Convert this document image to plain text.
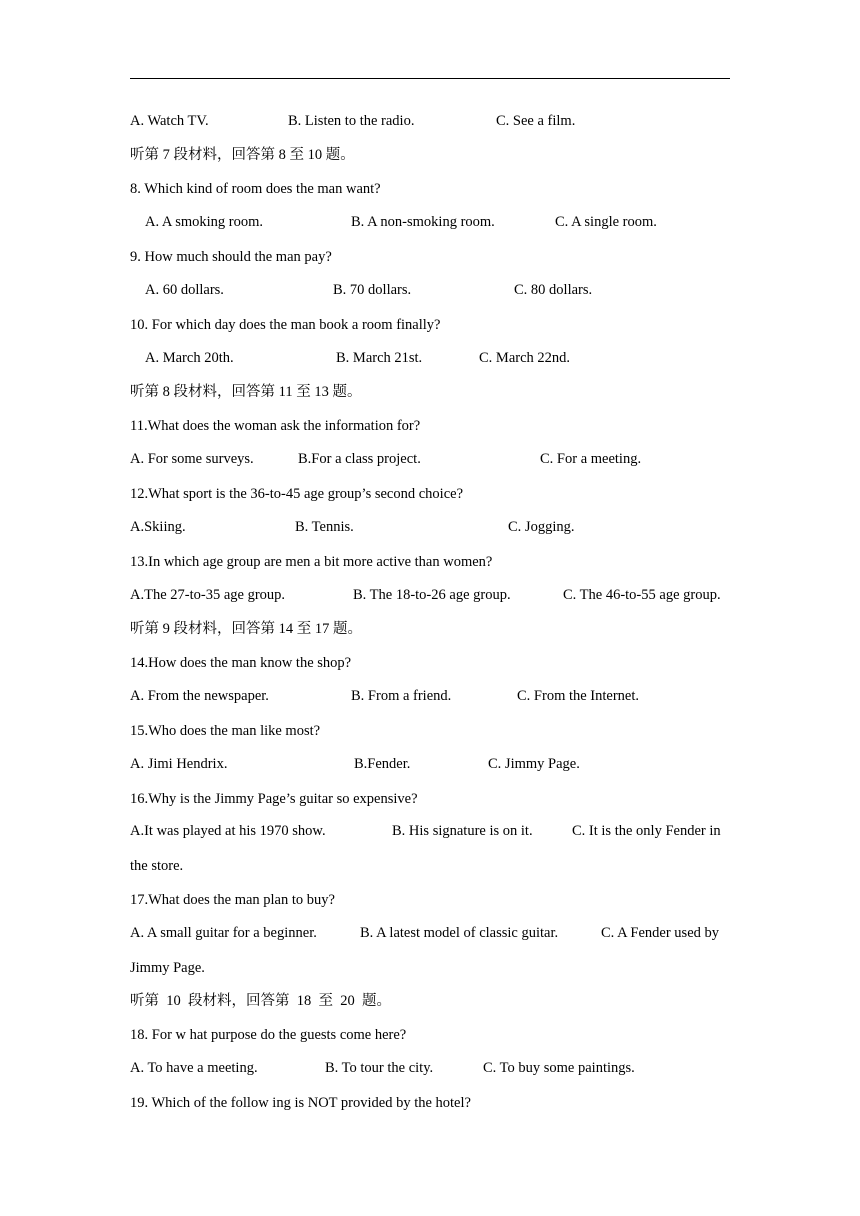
A. Watch TV.	B. Listen to the radio.	C. See a film.
听第 7 段材料，回答第 8 至 10 题。
8. Which kind of room does the man want?
A. A smoking room.	B. A non-smoking room.	C. A single room.
9. How much should the man pay?
A. 60 dollars.	B. 70 dollars.	C. 80 dollars.
10. For which day does the man book a room finally?
A. March 20th.	B. March 21st.	C. March 22nd.
听第 8 段材料，回答第 11 至 13 题。
11.What does the woman ask the information for?
A. For some surveys.	B.For a class project.	C. For a meeting.
12.What sport is the 36-to-45 age group’s second choice?
A.Skiing.	B. Tennis.	C. Jogging.
13.In which age group are men a bit more active than women?
A.The 27-to-35 age group.	B. The 18-to-26 age group.	C. The 46-to-55 age group.
听第 9 段材料，回答第 14 至 17 题。
14.How does the man know the shop?
A. From the newspaper.	B. From a friend.	C. From the Internet.
15.Who does the man like most?
A. Jimi Hendrix.	B.Fender.	C. Jimmy Page.
16.Why is the Jimmy Page’s guitar so expensive?
A.It was played at his 1970 show.	B. His signature is on it.	C. It is the only Fender in
the store.
17.What does the man plan to buy?
A. A small guitar for a beginner.	B. A latest model of classic guitar.	C. A Fender used by
Jimmy Page.
听第  10  段材料，回答第  18  至  20  题。
18. For w hat purpose do the guests come here?
A. To have a meeting.	B. To tour the city.	C. To buy some paintings.
19. Which of the follow ing is NOT provided by the hotel?
